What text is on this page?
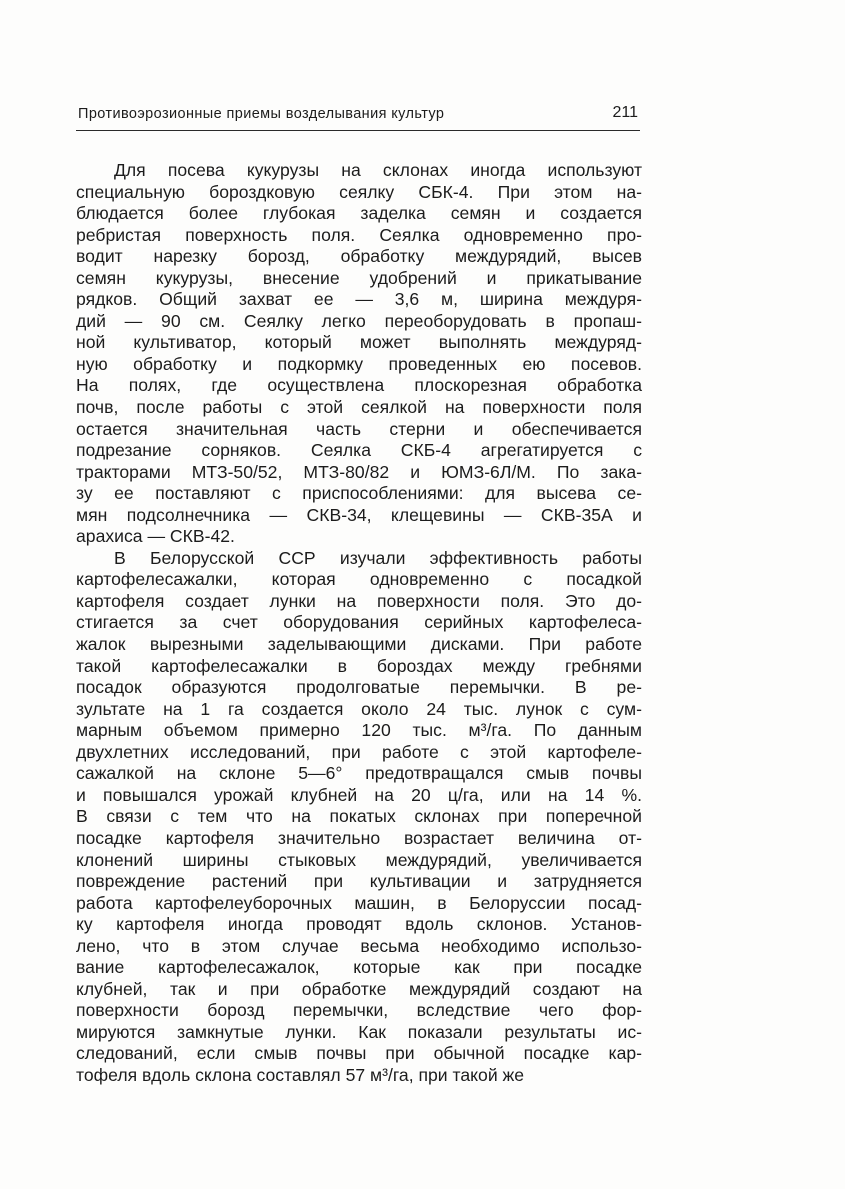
Противоэрозионные приемы возделывания культур	211
Для посева кукурузы на склонах иногда используют
специальную бороздковую сеялку СБК-4. При этом на-
блюдается более глубокая заделка семян и создается
ребристая поверхность поля. Сеялка одновременно про-
водит нарезку борозд, обработку междурядий, высев
семян кукурузы, внесение удобрений и прикатывание
рядков. Общий захват ее — 3,6 м, ширина междуря-
дий — 90 см. Сеялку легко переоборудовать в пропаш-
ной культиватор, который может выполнять междуряд-
ную обработку и подкормку проведенных ею посевов.
На полях, где осуществлена плоскорезная обработка
почв, после работы с этой сеялкой на поверхности поля
остается значительная часть стерни и обеспечивается
подрезание сорняков. Сеялка СКБ-4 агрегатируется с
тракторами МТЗ-50/52, МТЗ-80/82 и ЮМЗ-6Л/М. По зака-
зу ее поставляют с приспособлениями: для высева се-
мян подсолнечника — СКВ-34, клещевины — СКВ-35А и
арахиса — СКВ-42.
В Белорусской ССР изучали эффективность работы
картофелесажалки, которая одновременно с посадкой
картофеля создает лунки на поверхности поля. Это до-
стигается за счет оборудования серийных картофелеса-
жалок вырезными заделывающими дисками. При работе
такой картофелесажалки в бороздах между гребнями
посадок образуются продолговатые перемычки. В ре-
зультате на 1 га создается около 24 тыс. лунок с сум-
марным объемом примерно 120 тыс. м³/га. По данным
двухлетних исследований, при работе с этой картофеле-
сажалкой на склоне 5—6° предотвращался смыв почвы
и повышался урожай клубней на 20 ц/га, или на 14 %.
В связи с тем что на покатых склонах при поперечной
посадке картофеля значительно возрастает величина от-
клонений ширины стыковых междурядий, увеличивается
повреждение растений при культивации и затрудняется
работа картофелеуборочных машин, в Белоруссии посад-
ку картофеля иногда проводят вдоль склонов. Установ-
лено, что в этом случае весьма необходимо использо-
вание картофелесажалок, которые как при посадке
клубней, так и при обработке междурядий создают на
поверхности борозд перемычки, вследствие чего фор-
мируются замкнутые лунки. Как показали результаты ис-
следований, если смыв почвы при обычной посадке кар-
тофеля вдоль склона составлял 57 м³/га, при такой же
